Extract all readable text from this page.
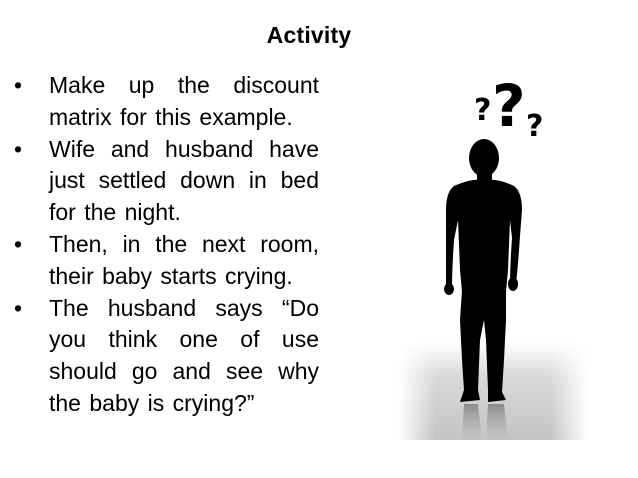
Activity
• Make up the discount matrix for this example.
• Wife and husband have just settled down in bed for the night.
• Then, in the next room, their baby starts crying.
• The husband says “Do you think one of use should go and see why the baby is crying?”
? ? ?
